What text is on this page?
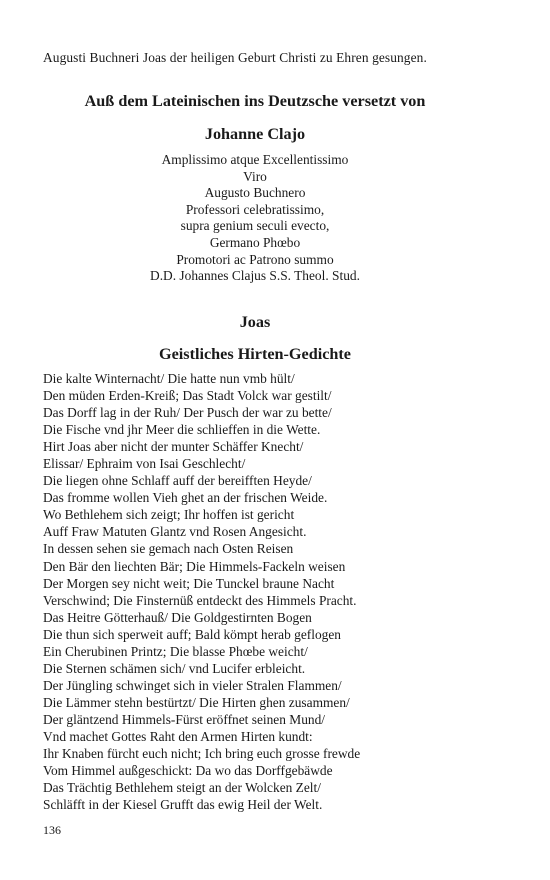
Augusti Buchneri Joas der heiligen Geburt Christi zu Ehren gesungen.
Auß dem Lateinischen ins Deutzsche versetzt von
Johanne Clajo
Amplissimo atque Excellentissimo
Viro
Augusto Buchnero
Professori celebratissimo,
supra genium seculi evecto,
Germano Phœbo
Promotori ac Patrono summo
D.D. Johannes Clajus S.S. Theol. Stud.
Joas
Geistliches Hirten-Gedichte
Die kalte Winternacht/ Die hatte nun vmb hült/
Den müden Erden-Kreiß; Das Stadt Volck war gestilt/
Das Dorff lag in der Ruh/ Der Pusch der war zu bette/
Die Fische vnd jhr Meer die schlieffen in die Wette.
Hirt Joas aber nicht der munter Schäffer Knecht/
Elissar/ Ephraim von Isai Geschlecht/
Die liegen ohne Schlaff auff der bereifften Heyde/
Das fromme wollen Vieh ghet an der frischen Weide.
Wo Bethlehem sich zeigt; Ihr hoffen ist gericht
Auff Fraw Matuten Glantz vnd Rosen Angesicht.
In dessen sehen sie gemach nach Osten Reisen
Den Bär den liechten Bär; Die Himmels-Fackeln weisen
Der Morgen sey nicht weit; Die Tunckel braune Nacht
Verschwind; Die Finsternüß entdeckt des Himmels Pracht.
Das Heitre Götterhauß/ Die Goldgestirnten Bogen
Die thun sich sperweit auff; Bald kömpt herab geflogen
Ein Cherubinen Printz; Die blasse Phœbe weicht/
Die Sternen schämen sich/ vnd Lucifer erbleicht.
Der Jüngling schwinget sich in vieler Stralen Flammen/
Die Lämmer stehn bestürtzt/ Die Hirten ghen zusammen/
Der gläntzend Himmels-Fürst eröffnet seinen Mund/
Vnd machet Gottes Raht den Armen Hirten kundt:
Ihr Knaben fürcht euch nicht; Ich bring euch grosse frewde
Vom Himmel außgeschickt: Da wo das Dorffgebäwde
Das Trächtig Bethlehem steigt an der Wolcken Zelt/
Schläfft in der Kiesel Grufft das ewig Heil der Welt.
136
